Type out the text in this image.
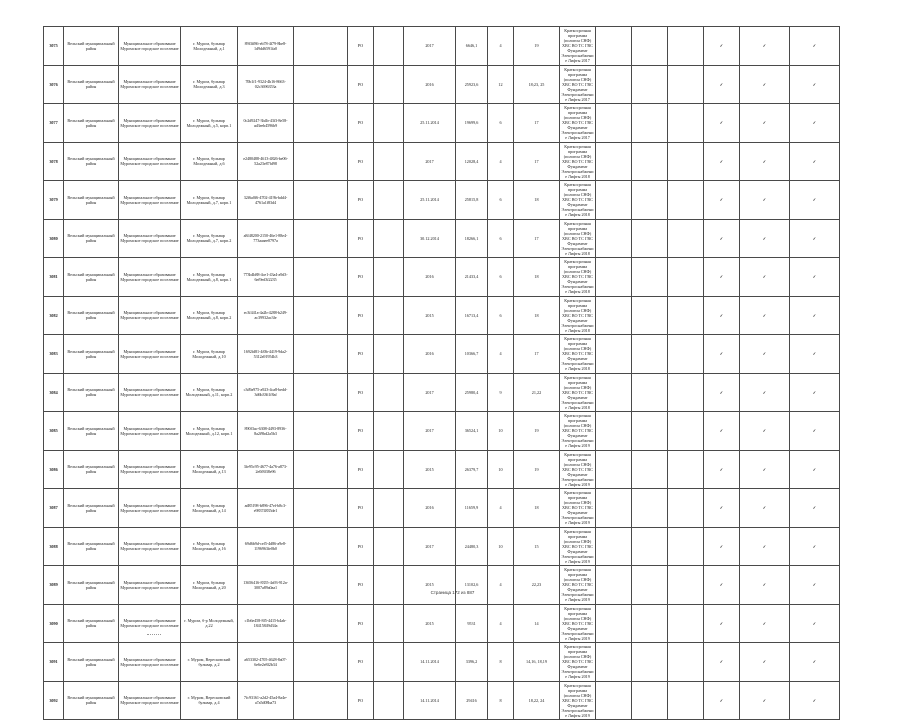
3075	Вельский муниципальный район	Муниципальное образование Муромское городское поселение	г. Муром, бульвар Молодежный, д.1	89f3ff86-eb78-4f79-8be8-1d9dd6591fa0		РО		2017	6646,1	4	19	Краткосрочная программа (полигон СНФ) ХВС ВО ТС ГВС Фундамент Электроснабжение Лифты 2017				✓	✓	✓
3076	Вельский муниципальный район	Муниципальное образование Муромское городское поселение	г. Муром, бульвар Молодежный, д.3	70b1f1-9324-4b16-8663-02c3696353a		РО		2016	25923,6	12	18;23, 25	Краткосрочная программа (полигон СНФ) ХВС ВО ТС ГВС Фундамент Электроснабжение Лифты 2017				✓	✓	✓
3077	Вельский муниципальный район	Муниципальное образование Муромское городское поселение	г. Муром, бульвар Молодежный, д.5, корп.1	0c2d9247-3b4b-43f3-8e58-ad3eeb4596b9		РО		25.11.2014	19699,6	6	17	Краткосрочная программа (полигон СНФ) ХВС ВО ТС ГВС Фундамент Электроснабжение Лифты 2017				✓	✓	✓
3078	Вельский муниципальный район	Муниципальное образование Муромское городское поселение	г. Муром, бульвар Молодежный, д.6	e2480488-4613-4826-be06-52a23e87fd98		РО		2017	12028,4	4	17	Краткосрочная программа (полигон СНФ) ХВС ВО ТС ГВС Фундамент Электроснабжение Лифты 2018				✓	✓	✓
3079	Вельский муниципальный район	Муниципальное образование Муромское городское поселение	г. Муром, бульвар Молодежный, д.7, корп.1	32f6a0f6-4702-419b-bdd4-4761a1f83d4		РО		25.11.2014	25815,8	6	18	Краткосрочная программа (полигон СНФ) ХВС ВО ТС ГВС Фундамент Электроснабжение Лифты 2018				✓	✓	✓
3080	Вельский муниципальный район	Муниципальное образование Муромское городское поселение	г. Муром, бульвар Молодежный, д.7, корп.2	a8f48200-2150-46e1-88e4-773aaaee0797a		РО		30.12.2014	18266,1	6	17	Краткосрочная программа (полигон СНФ) ХВС ВО ТС ГВС Фундамент Электроснабжение Лифты 2018				✓	✓	✓
3081	Вельский муниципальный район	Муниципальное образование Муромское городское поселение	г. Муром, бульвар Молодежный, д.8, корп.1	773b4b88-4ce1-43a4-a9d3-6ef9ed3f2235		РО		2016	21433,4	6	18	Краткосрочная программа (полигон СНФ) ХВС ВО ТС ГВС Фундамент Электроснабжение Лифты 2018				✓	✓	✓
3082	Вельский муниципальный район	Муниципальное образование Муромское городское поселение	г. Муром, бульвар Молодежный, д.8, корп.2	ec3f441a-4a2b-4288-b249-ac39932ac3fe		РО		2015	16713,4	6	18	Краткосрочная программа (полигон СНФ) ХВС ВО ТС ГВС Фундамент Электроснабжение Лифты 2018				✓	✓	✓
3083	Вельский муниципальный район	Муниципальное образование Муромское городское поселение	г. Муром, бульвар Молодежный, д.10	1692fd81-4f0b-4419-9da2-5312a91954b3		РО		2016	10366,7	4	17	Краткосрочная программа (полигон СНФ) ХВС ВО ТС ГВС Фундамент Электроснабжение Лифты 2018				✓	✓	✓
3084	Вельский муниципальный район	Муниципальное образование Муромское городское поселение	г. Муром, бульвар Молодежный, д.11, корп.2	c3d9a975-a923-4ca8-bedd-3d6b3361f8af		РО		2017	25980,4	9	21,22	Краткосрочная программа (полигон СНФ) ХВС ВО ТС ГВС Фундамент Электроснабжение Лифты 2018				✓	✓	✓
3085	Вельский муниципальный район	Муниципальное образование Муромское городское поселение	г. Муром, бульвар Молодежный, д.12, корп.1	890f3ac-6308-4493-8936-8a2f9bd2a5b3		РО		2017	36524,1	10	19	Краткосрочная программа (полигон СНФ) ХВС ВО ТС ГВС Фундамент Электроснабжение Лифты 2019				✓	✓	✓
3086	Вельский муниципальный район	Муниципальное образование Муромское городское поселение	г. Муром, бульвар Молодежный, д.13	3fe95c95-4677-4a76-a873-2e0f8f38e96		РО		2015	26379,7	10	19	Краткосрочная программа (полигон СНФ) ХВС ВО ТС ГВС Фундамент Электроснабжение Лифты 2019				✓	✓	✓
3087	Вельский муниципальный район	Муниципальное образование Муромское городское поселение	г. Муром, бульвар Молодежный, д.14	ad85198-b896-47ef-b8c3-e98374835de1		РО		2016	11659,9	4	18	Краткосрочная программа (полигон СНФ) ХВС ВО ТС ГВС Фундамент Электроснабжение Лифты 2019				✓	✓	✓
3088	Вельский муниципальный район	Муниципальное образование Муромское городское поселение	г. Муром, бульвар Молодежный, д.16	69d6b9d-cef5-4d86-a9e8-1196963fe0b0		РО		2017	24480,3	10	15	Краткосрочная программа (полигон СНФ) ХВС ВО ТС ГВС Фундамент Электроснабжение Лифты 2019				✓	✓	✓
3089	Вельский муниципальный район	Муниципальное образование Муромское городское поселение	г. Муром, бульвар Молодежный, д.20	13656416-8355-4a93-912a-3007a89a0aa1		РО		2015	13102,6	4	22,23	Краткосрочная программа (полигон СНФ) ХВС ВО ТС ГВС Фундамент Электроснабжение Лифты 2019				✓	✓	✓
3090	Вельский муниципальный район	Муниципальное образование Муромское городское поселение	г. Муром, б-р Молодежный, д.22	c1b6e458-8f5-4415-b4ab-18415849d34a		РО		2015	9531	4	14	Краткосрочная программа (полигон СНФ) ХВС ВО ТС ГВС Фундамент Электроснабжение Лифты 2019				✓	✓	✓
3091	Вельский муниципальный район	Муниципальное образование Муромское городское поселение	г. Муром, Вересковский бульвар, д.2	a653302-4705-4628-8a07-6e6e2e8f2b34		РО		14.11.2014	3396,2	8	14,16, 18,19	Краткосрочная программа (полигон СНФ) ХВС ВО ТС ГВС Фундамент Электроснабжение Лифты 2019				✓	✓	✓
3092	Вельский муниципальный район	Муниципальное образование Муромское городское поселение	г. Муром, Вересковский бульвар, д.4	7fc93161-a2d2-45a4-8a4e-a7a5d08ba73		РО		14.11.2014	29416	8	18,22, 24	Краткосрочная программа (полигон СНФ) ХВС ВО ТС ГВС Фундамент Электроснабжение Лифты 2019				✓	✓	✓
Страница 172 из 887
